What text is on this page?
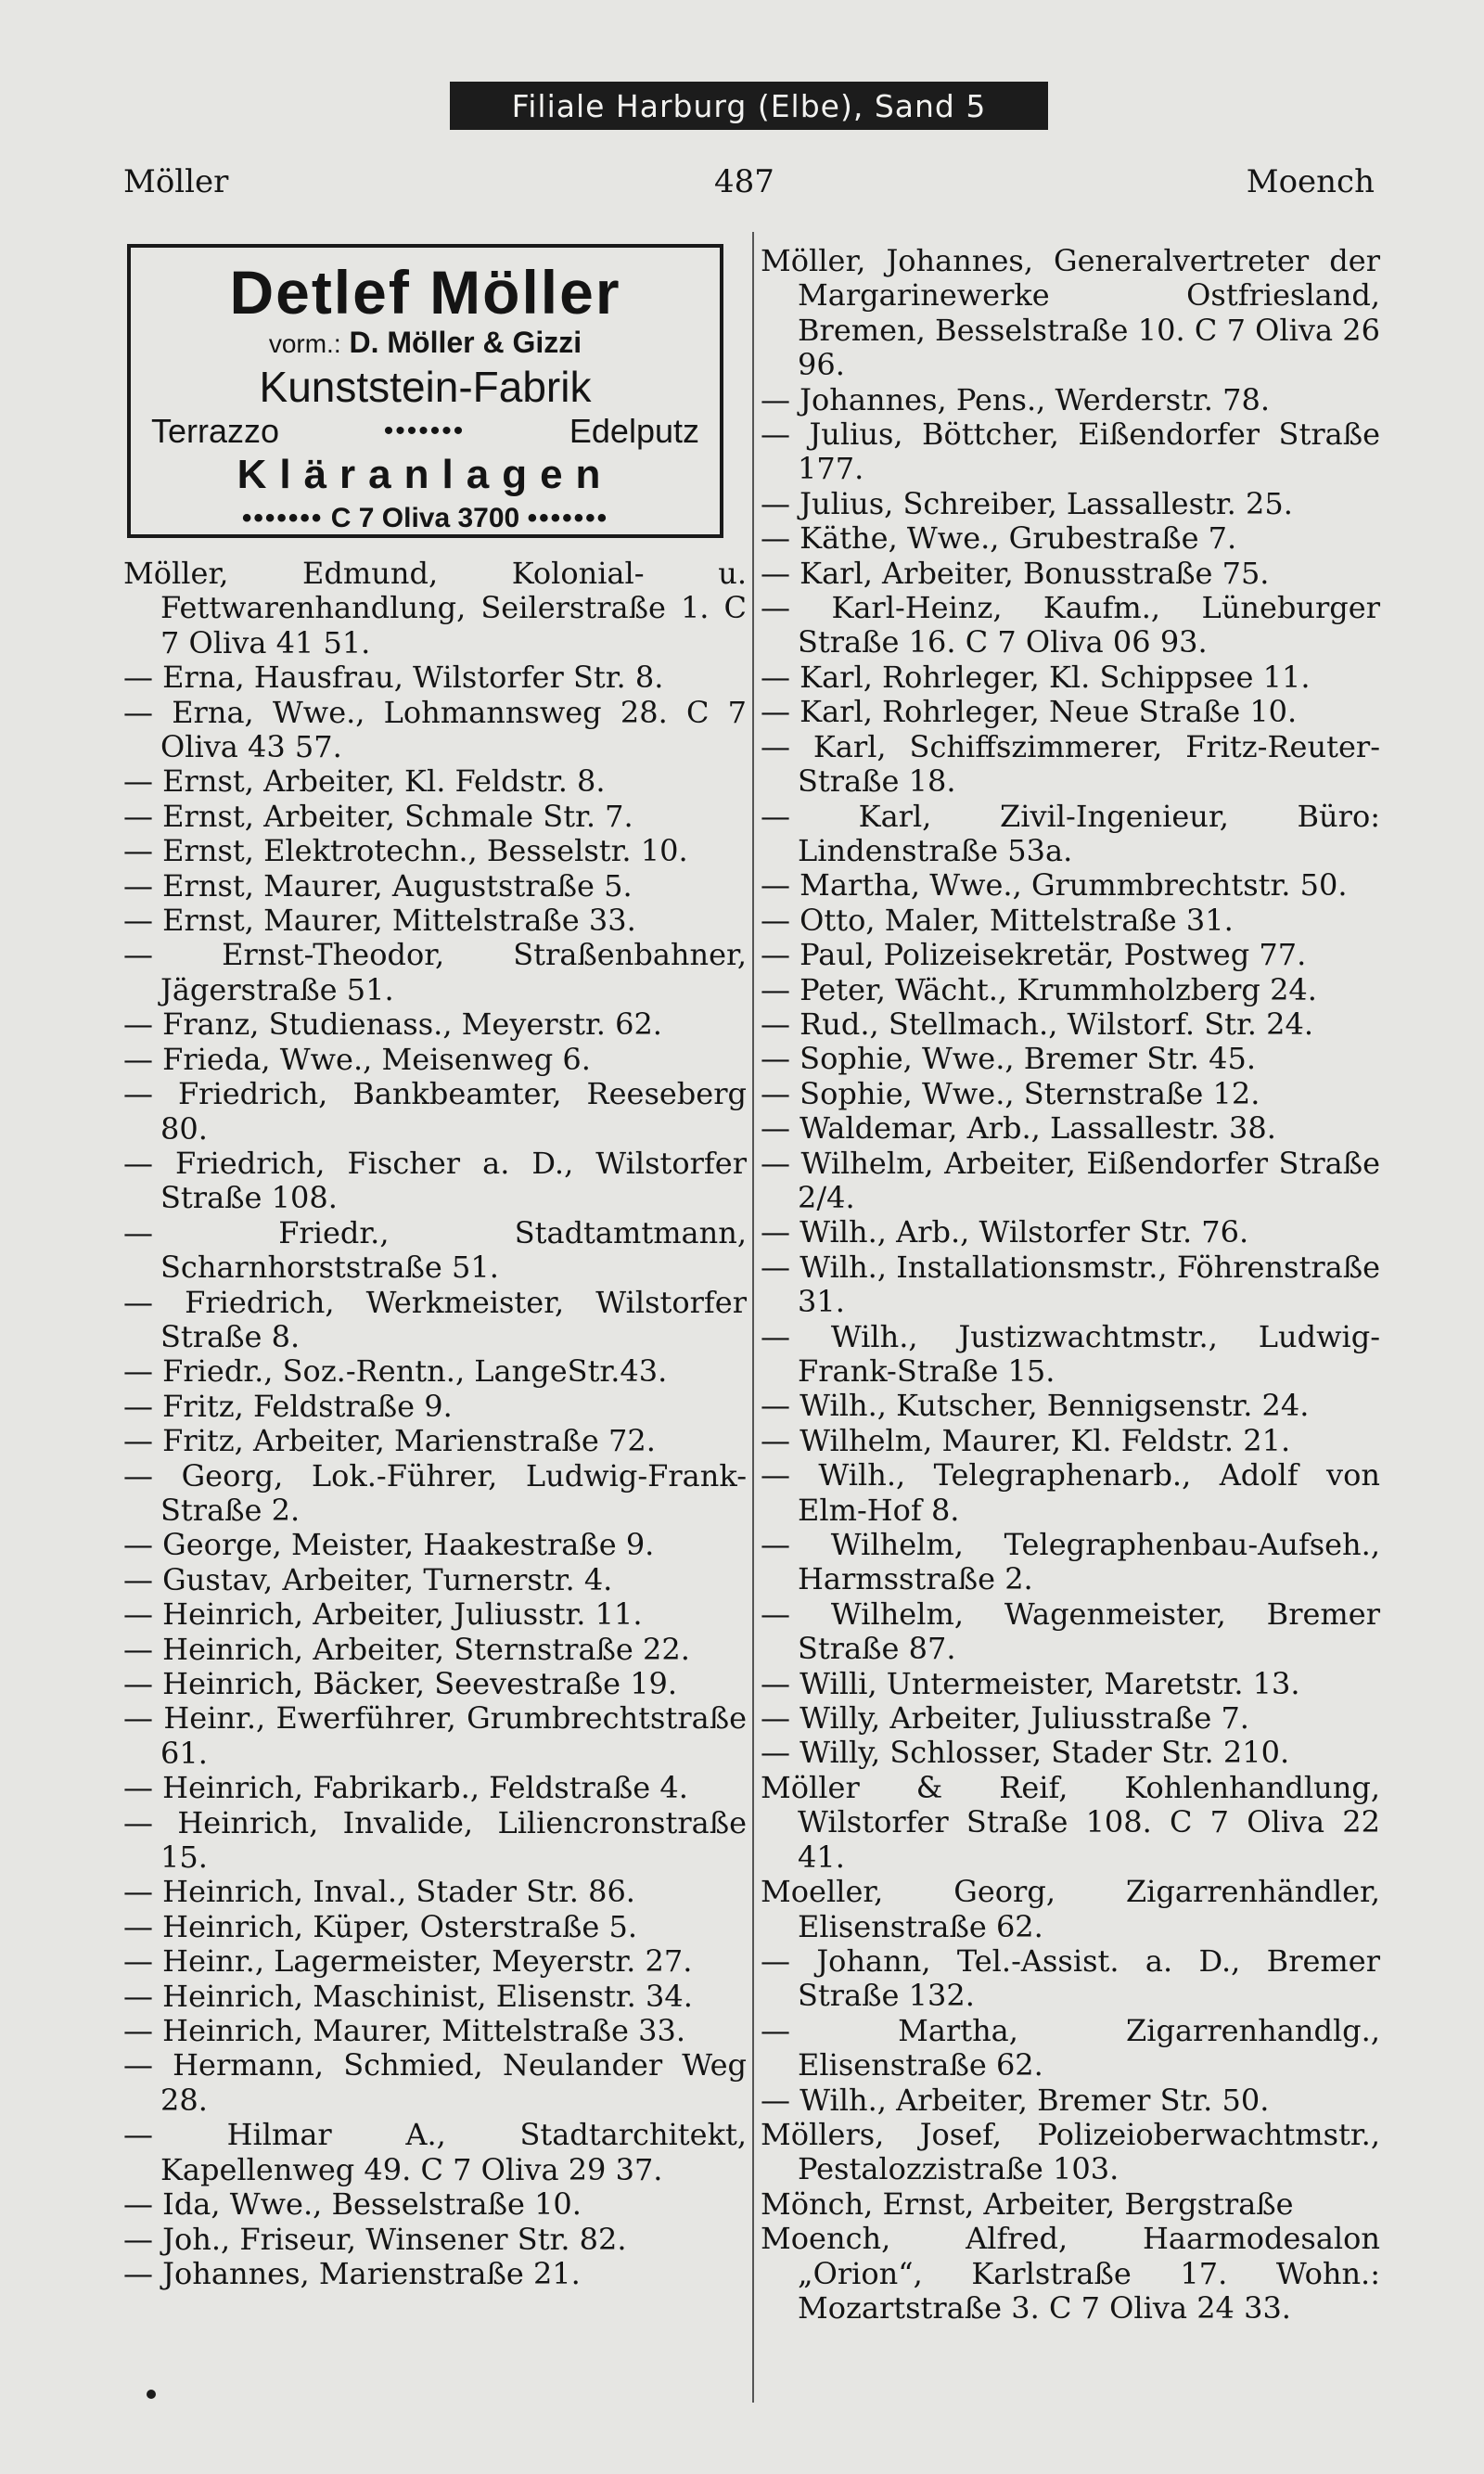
Filiale Harburg (Elbe), Sand 5
Möller	487	Moench
Detlef Möller
vorm.: D. Möller & Gizzi
Kunststein-Fabrik
Terrazzo	•••••••	Edelputz
Kläranlagen
••••••• C 7 Oliva 3700 •••••••
Möller, Edmund, Kolonial- u. Fettwarenhandlung, Seilerstraße 1. C 7 Oliva 41 51.
— Erna, Hausfrau, Wilstorfer Str. 8.
— Erna, Wwe., Lohmannsweg 28. C 7 Oliva 43 57.
— Ernst, Arbeiter, Kl. Feldstr. 8.
— Ernst, Arbeiter, Schmale Str. 7.
— Ernst, Elektrotechn., Besselstr. 10.
— Ernst, Maurer, Auguststraße 5.
— Ernst, Maurer, Mittelstraße 33.
— Ernst-Theodor, Straßenbahner, Jägerstraße 51.
— Franz, Studienass., Meyerstr. 62.
— Frieda, Wwe., Meisenweg 6.
— Friedrich, Bankbeamter, Reeseberg 80.
— Friedrich, Fischer a. D., Wilstorfer Straße 108.
— Friedr., Stadtamtmann, Scharnhorststraße 51.
— Friedrich, Werkmeister, Wilstorfer Straße 8.
— Friedr., Soz.-Rentn., LangeStr.43.
— Fritz, Feldstraße 9.
— Fritz, Arbeiter, Marienstraße 72.
— Georg, Lok.-Führer, Ludwig-Frank-Straße 2.
— George, Meister, Haakestraße 9.
— Gustav, Arbeiter, Turnerstr. 4.
— Heinrich, Arbeiter, Juliusstr. 11.
— Heinrich, Arbeiter, Sternstraße 22.
— Heinrich, Bäcker, Seevestraße 19.
— Heinr., Ewerführer, Grumbrechtstraße 61.
— Heinrich, Fabrikarb., Feldstraße 4.
— Heinrich, Invalide, Liliencronstraße 15.
— Heinrich, Inval., Stader Str. 86.
— Heinrich, Küper, Osterstraße 5.
— Heinr., Lagermeister, Meyerstr. 27.
— Heinrich, Maschinist, Elisenstr. 34.
— Heinrich, Maurer, Mittelstraße 33.
— Hermann, Schmied, Neulander Weg 28.
— Hilmar A., Stadtarchitekt, Kapellenweg 49. C 7 Oliva 29 37.
— Ida, Wwe., Besselstraße 10.
— Joh., Friseur, Winsener Str. 82.
— Johannes, Marienstraße 21.
Möller, Johannes, Generalvertreter der Margarinewerke Ostfriesland, Bremen, Besselstraße 10. C 7 Oliva 26 96.
— Johannes, Pens., Werderstr. 78.
— Julius, Böttcher, Eißendorfer Straße 177.
— Julius, Schreiber, Lassallestr. 25.
— Käthe, Wwe., Grubestraße 7.
— Karl, Arbeiter, Bonusstraße 75.
— Karl-Heinz, Kaufm., Lüneburger Straße 16. C 7 Oliva 06 93.
— Karl, Rohrleger, Kl. Schippsee 11.
— Karl, Rohrleger, Neue Straße 10.
— Karl, Schiffszimmerer, Fritz-Reuter-Straße 18.
— Karl, Zivil-Ingenieur, Büro: Lindenstraße 53a.
— Martha, Wwe., Grummbrechtstr. 50.
— Otto, Maler, Mittelstraße 31.
— Paul, Polizeisekretär, Postweg 77.
— Peter, Wächt., Krummholzberg 24.
— Rud., Stellmach., Wilstorf. Str. 24.
— Sophie, Wwe., Bremer Str. 45.
— Sophie, Wwe., Sternstraße 12.
— Waldemar, Arb., Lassallestr. 38.
— Wilhelm, Arbeiter, Eißendorfer Straße 2/4.
— Wilh., Arb., Wilstorfer Str. 76.
— Wilh., Installationsmstr., Föhrenstraße 31.
— Wilh., Justizwachtmstr., Ludwig-Frank-Straße 15.
— Wilh., Kutscher, Bennigsenstr. 24.
— Wilhelm, Maurer, Kl. Feldstr. 21.
— Wilh., Telegraphenarb., Adolf von Elm-Hof 8.
— Wilhelm, Telegraphenbau-Aufseh., Harmsstraße 2.
— Wilhelm, Wagenmeister, Bremer Straße 87.
— Willi, Untermeister, Maretstr. 13.
— Willy, Arbeiter, Juliusstraße 7.
— Willy, Schlosser, Stader Str. 210.
Möller & Reif, Kohlenhandlung, Wilstorfer Straße 108. C 7 Oliva 22 41.
Moeller, Georg, Zigarrenhändler, Elisenstraße 62.
— Johann, Tel.-Assist. a. D., Bremer Straße 132.
— Martha, Zigarrenhandlg., Elisenstraße 62.
— Wilh., Arbeiter, Bremer Str. 50.
Möllers, Josef, Polizeioberwachtmstr., Pestalozzistraße 103.
Mönch, Ernst, Arbeiter, Bergstraße
Moench, Alfred, Haarmodesalon „Orion“, Karlstraße 17. Wohn.: Mozartstraße 3. C 7 Oliva 24 33.
